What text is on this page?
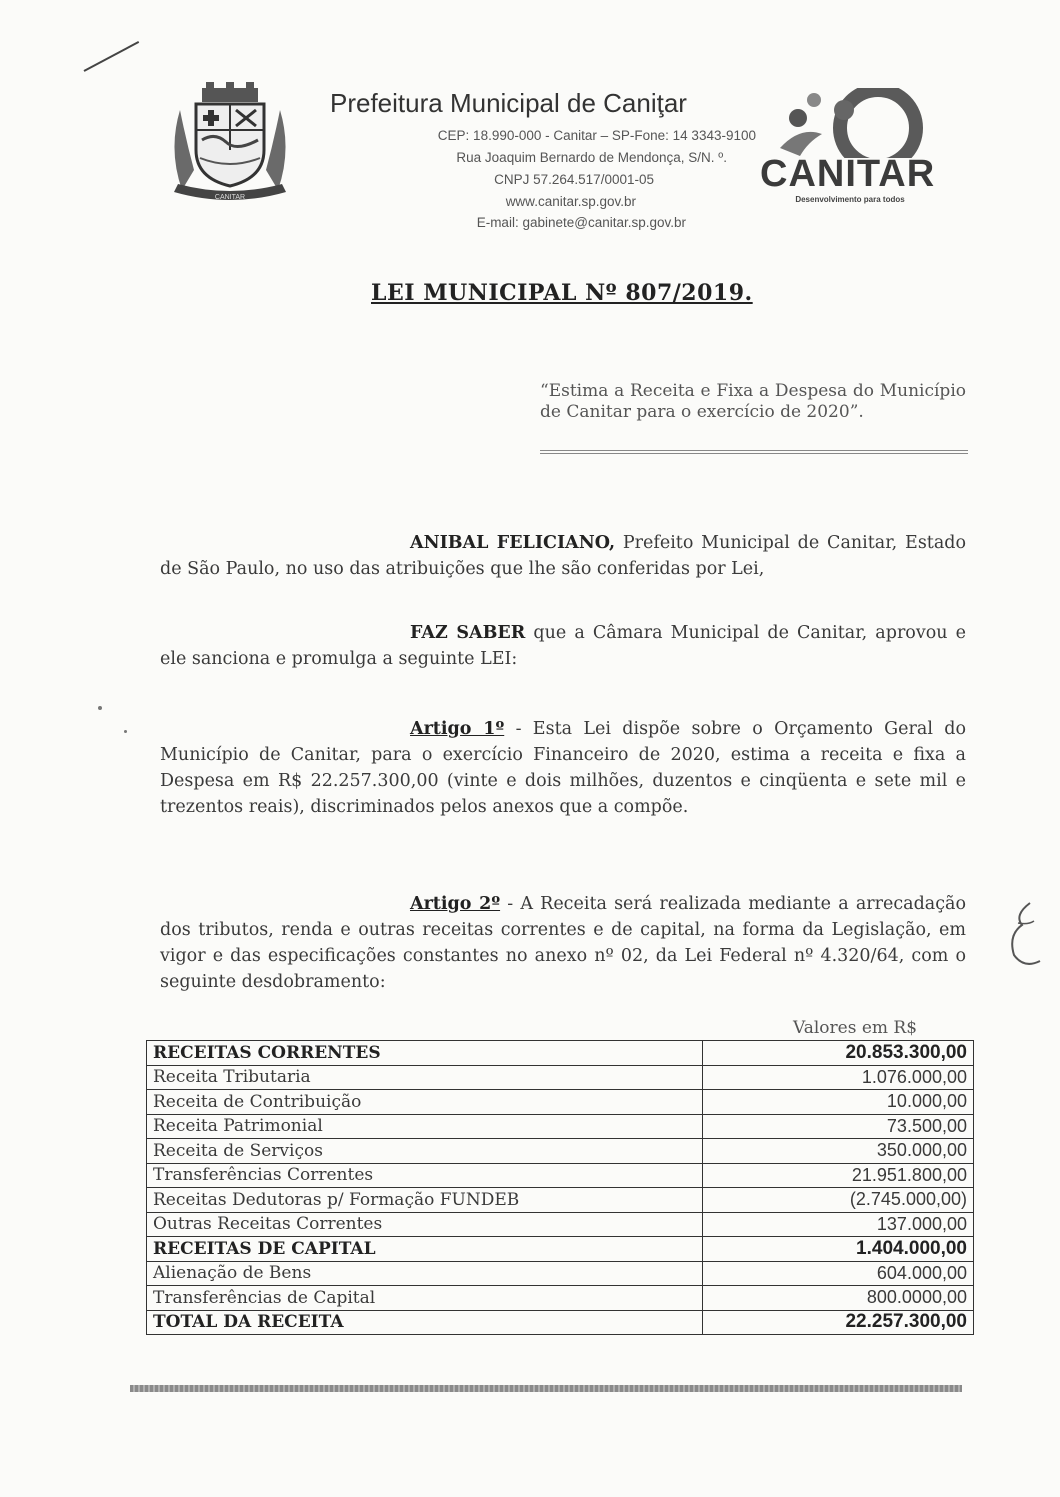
CANITAR
Prefeitura Municipal de Caniţar
CEP: 18.990-000 - Canitar – SP-Fone: 14 3343-9100
Rua Joaquim Bernardo de Mendonça, S/N. º.
CNPJ 57.264.517/0001-05
www.canitar.sp.gov.br
E-mail: gabinete@canitar.sp.gov.br
CANITAR
Desenvolvimento para todos
LEI MUNICIPAL Nº 807/2019.
“Estima a Receita e Fixa a Despesa do Município de Canitar para o exercício de 2020”.
ANIBAL FELICIANO, Prefeito Municipal de Canitar, Estado de São Paulo, no uso das atribuições que lhe são conferidas por Lei,
FAZ SABER que a Câmara Municipal de Canitar, aprovou e ele sanciona e promulga a seguinte LEI:
Artigo 1º - Esta Lei dispõe sobre o Orçamento Geral do Município de Canitar, para o exercício Financeiro de 2020, estima a receita e fixa a Despesa em R$ 22.257.300,00 (vinte e dois milhões, duzentos e cinqüenta e sete mil e trezentos reais), discriminados pelos anexos que a compõe.
Artigo 2º - A Receita será realizada mediante a arrecadação dos tributos, renda e outras receitas correntes e de capital, na forma da Legislação, em vigor e das especificações constantes no anexo nº 02, da Lei Federal nº 4.320/64, com o seguinte desdobramento:
Valores em R$
RECEITAS CORRENTES	20.853.300,00
Receita Tributaria	1.076.000,00
Receita de Contribuição	10.000,00
Receita Patrimonial	73.500,00
Receita de Serviços	350.000,00
Transferências Correntes	21.951.800,00
Receitas Dedutoras p/ Formação FUNDEB	(2.745.000,00)
Outras Receitas Correntes	137.000,00
RECEITAS DE CAPITAL	1.404.000,00
Alienação de Bens	604.000,00
Transferências de Capital	800.0000,00
TOTAL DA RECEITA	22.257.300,00
